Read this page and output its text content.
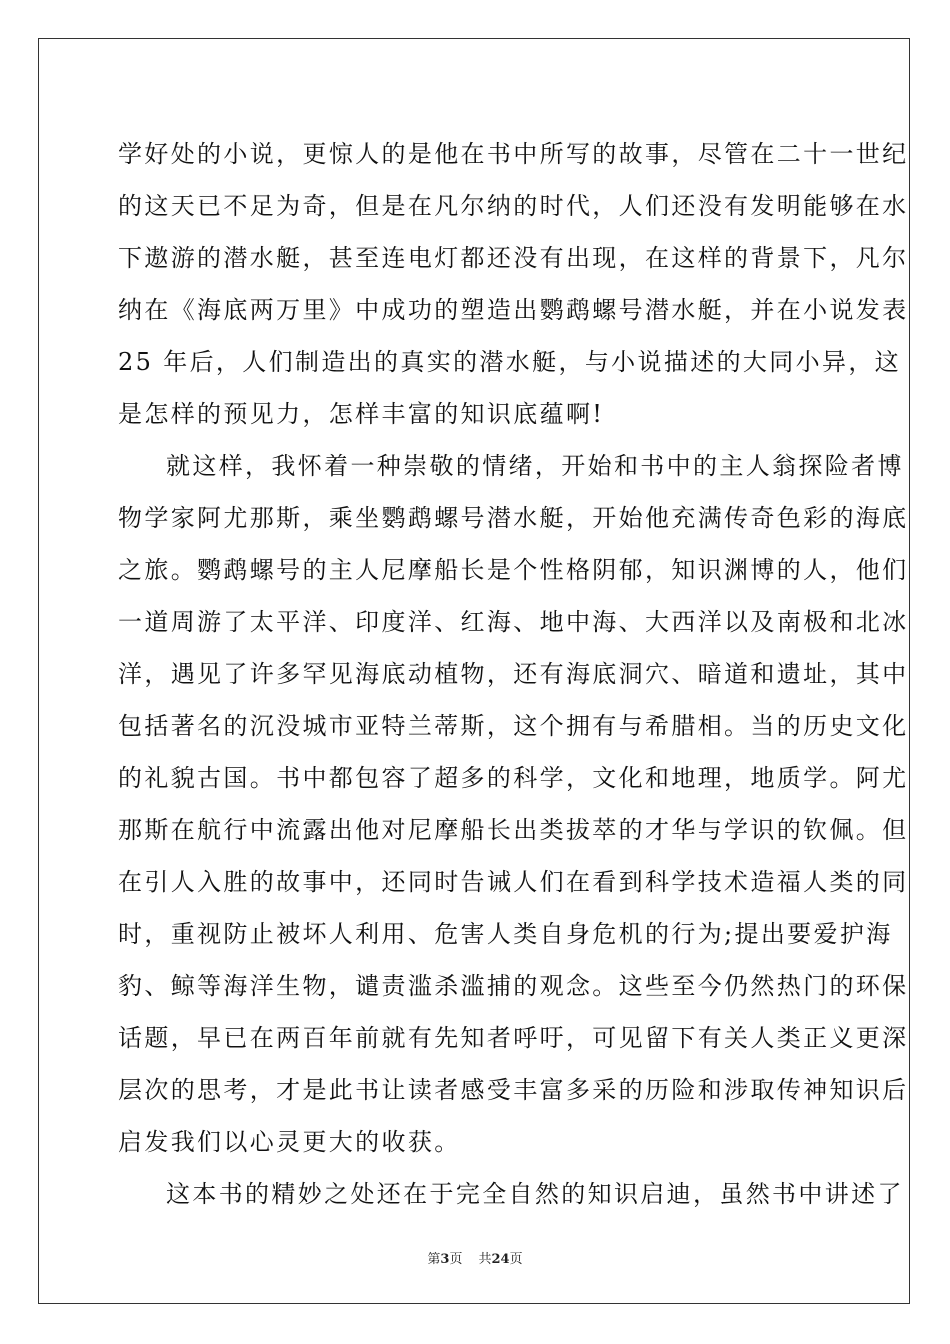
学好处的小说，更惊人的是他在书中所写的故事，尽管在二十一世纪
的这天已不足为奇，但是在凡尔纳的时代，人们还没有发明能够在水
下遨游的潜水艇，甚至连电灯都还没有出现，在这样的背景下，凡尔
纳在《海底两万里》中成功的塑造出鹦鹉螺号潜水艇，并在小说发表
25 年后，人们制造出的真实的潜水艇，与小说描述的大同小异，这
是怎样的预见力，怎样丰富的知识底蕴啊!
就这样，我怀着一种崇敬的情绪，开始和书中的主人翁探险者博
物学家阿尤那斯，乘坐鹦鹉螺号潜水艇，开始他充满传奇色彩的海底
之旅。鹦鹉螺号的主人尼摩船长是个性格阴郁，知识渊博的人，他们
一道周游了太平洋、印度洋、红海、地中海、大西洋以及南极和北冰
洋，遇见了许多罕见海底动植物，还有海底洞穴、暗道和遗址，其中
包括著名的沉没城市亚特兰蒂斯，这个拥有与希腊相。当的历史文化
的礼貌古国。书中都包容了超多的科学，文化和地理，地质学。阿尤
那斯在航行中流露出他对尼摩船长出类拔萃的才华与学识的钦佩。但
在引人入胜的故事中，还同时告诫人们在看到科学技术造福人类的同
时，重视防止被坏人利用、危害人类自身危机的行为;提出要爱护海
豹、鲸等海洋生物，谴责滥杀滥捕的观念。这些至今仍然热门的环保
话题，早已在两百年前就有先知者呼吁，可见留下有关人类正义更深
层次的思考，才是此书让读者感受丰富多采的历险和涉取传神知识后
启发我们以心灵更大的收获。
这本书的精妙之处还在于完全自然的知识启迪，虽然书中讲述了
第3页 共24页
